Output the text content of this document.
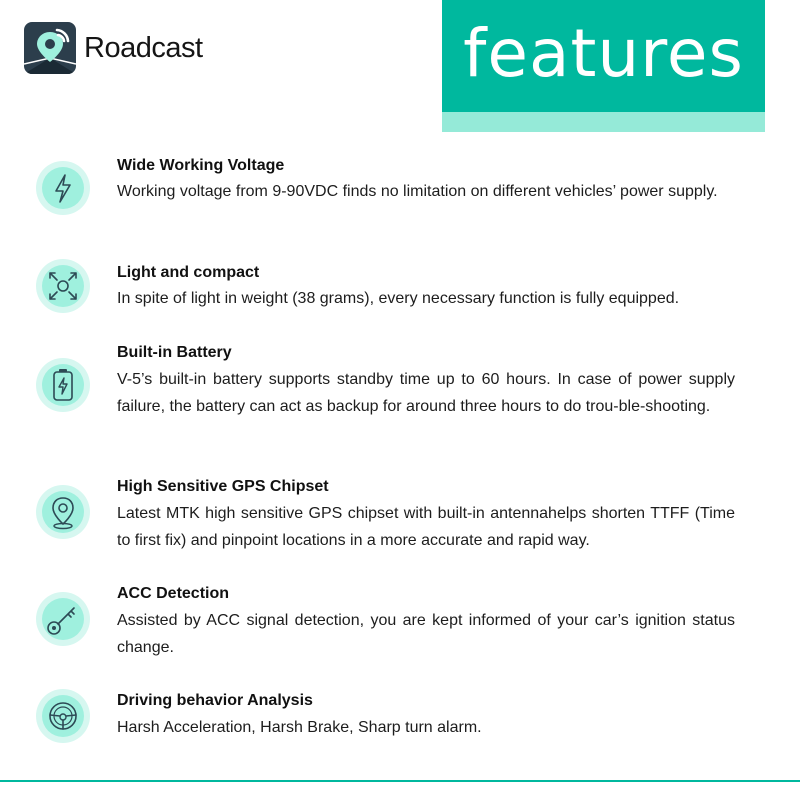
Roadcast	features
Wide Working Voltage
Working voltage from 9-90VDC finds no limitation on different vehicles’ power supply.
Light and compact
In spite of light in weight (38 grams), every necessary function is fully equipped.
Built-in Battery
V-5’s built-in battery supports standby time up to 60 hours. In case of power supply failure, the battery can act as backup for around three hours to do trou-ble-shooting.
High Sensitive GPS Chipset
Latest MTK high sensitive GPS chipset with built-in antennahelps shorten TTFF (Time to first fix) and pinpoint locations in a more accurate and rapid way.
ACC Detection
Assisted by ACC signal detection, you are kept informed of your car’s ignition status change.
Driving behavior Analysis
Harsh Acceleration, Harsh Brake, Sharp turn alarm.
